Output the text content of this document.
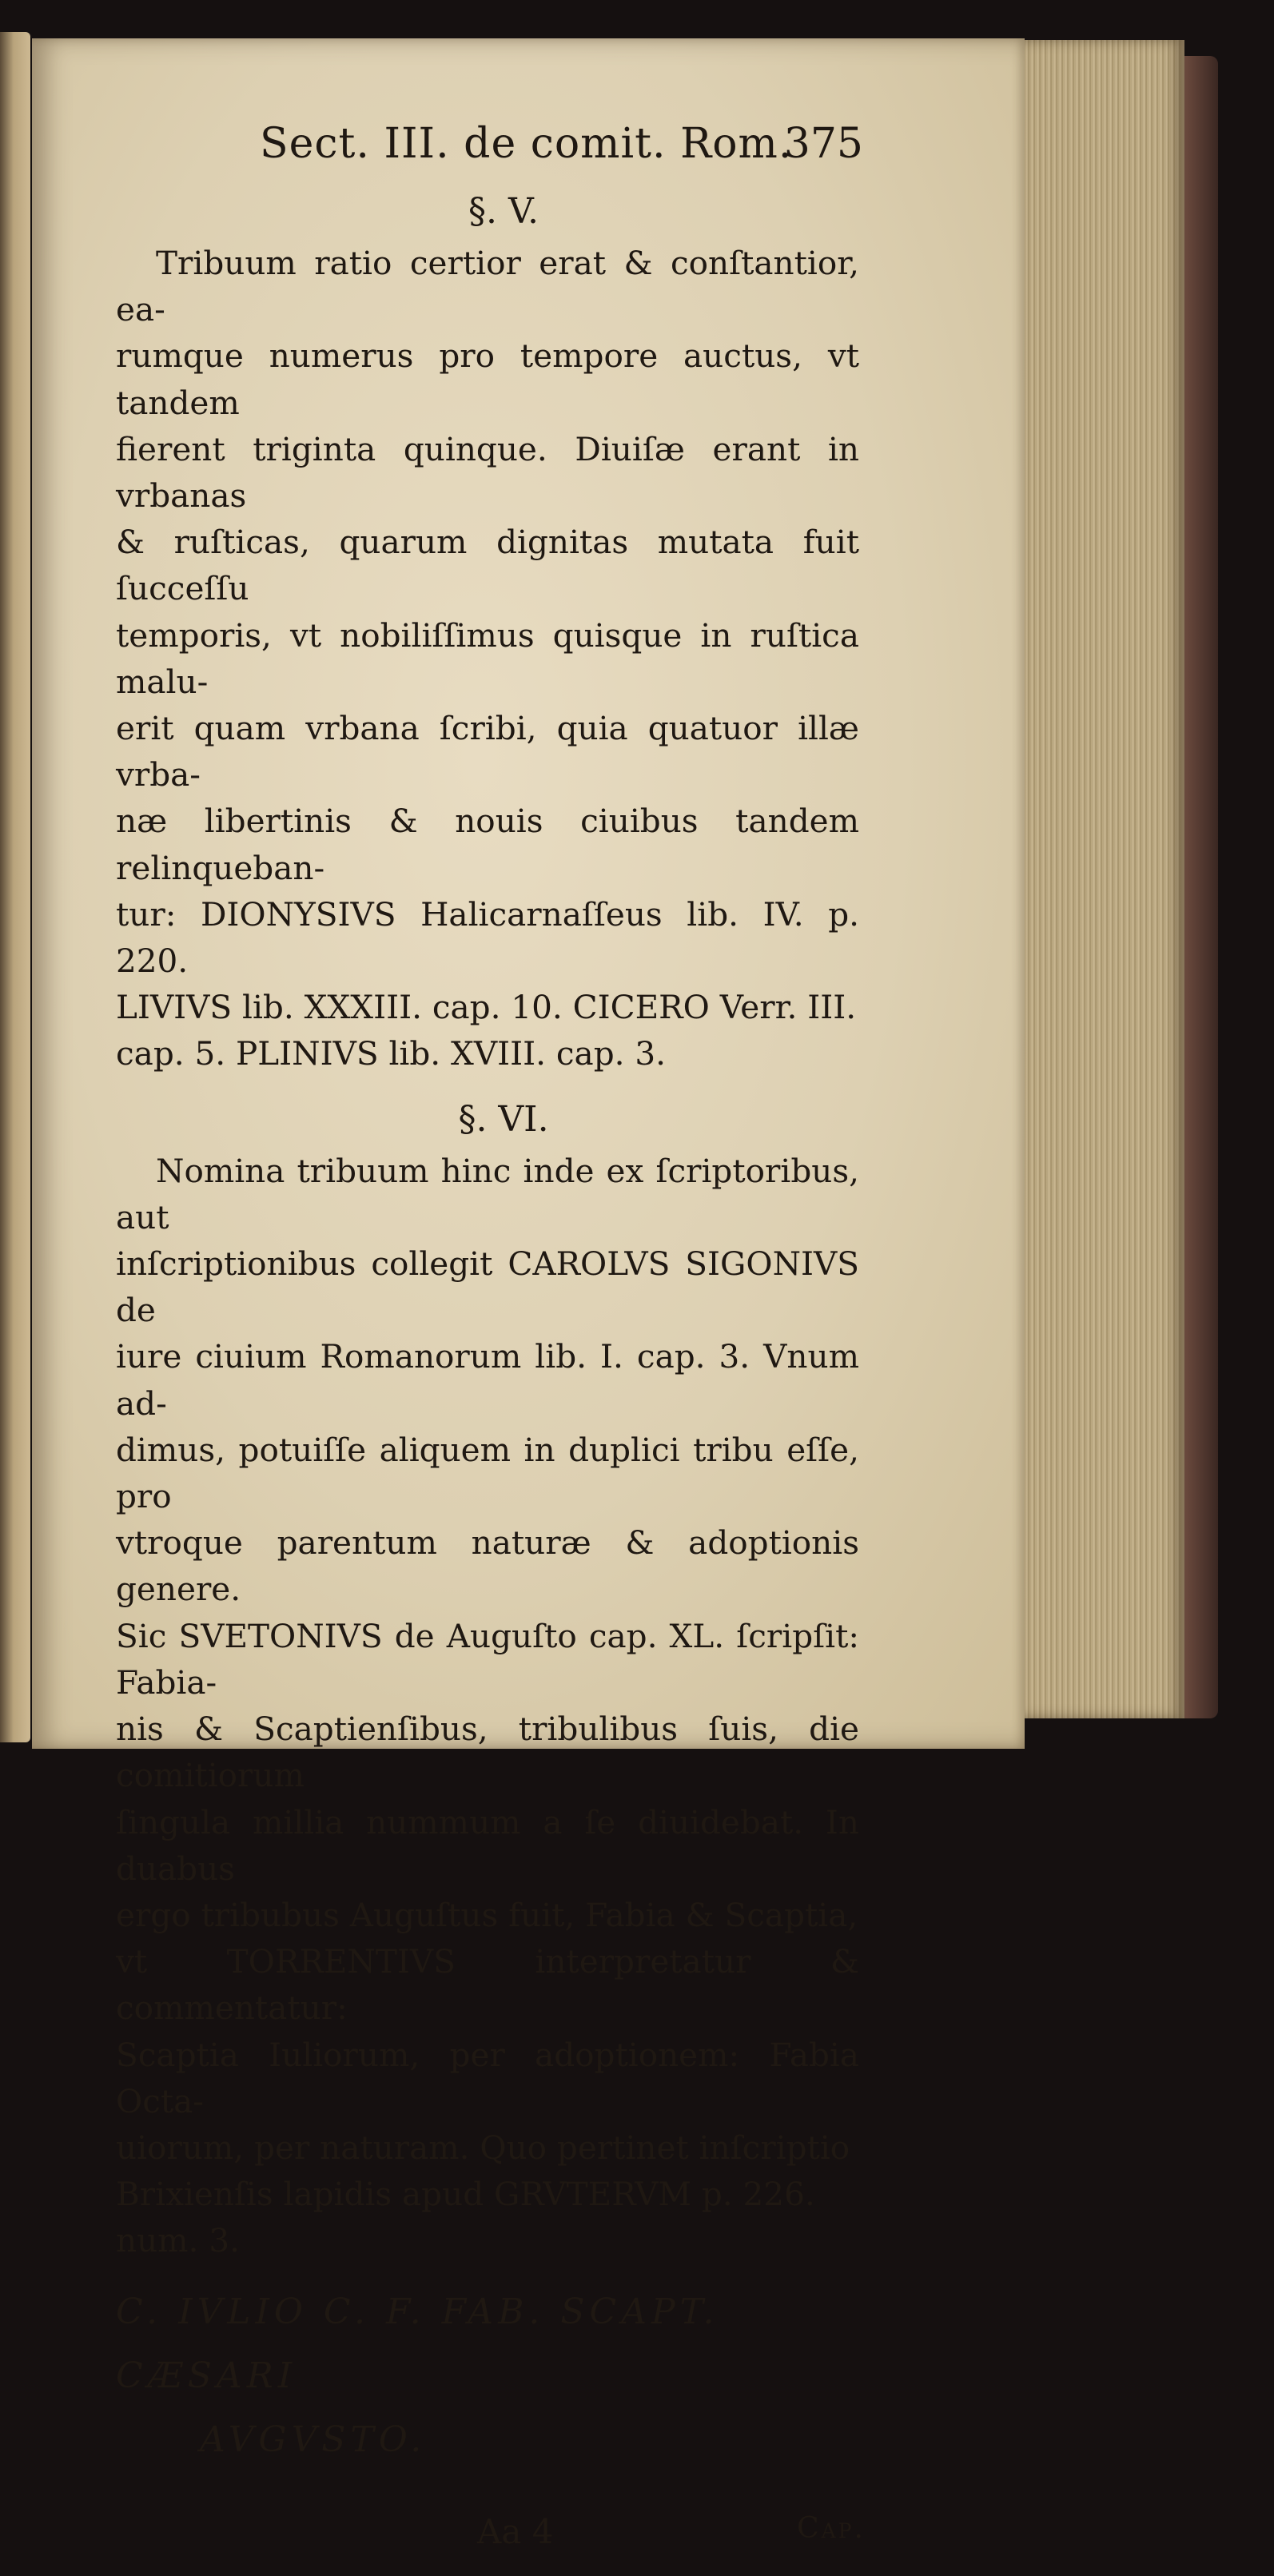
Sect. III. de comit. Rom.
375

§. V.

Tribuum ratio certior erat & conſtantior, ea-
rumque numerus pro tempore auctus, vt tandem
fierent triginta quinque. Diuiſæ erant in vrbanas
& ruſticas, quarum dignitas mutata fuit ſucceſſu
temporis, vt nobiliſſimus quisque in ruſtica malu-
erit quam vrbana ſcribi, quia quatuor illæ vrba-
næ libertinis & nouis ciuibus tandem relinqueban-
tur: DIONYSIVS Halicarnaſſeus lib. IV. p. 220.
LIVIVS lib. XXXIII. cap. 10. CICERO Verr. III.
cap. 5. PLINIVS lib. XVIII. cap. 3.

§. VI.

Nomina tribuum hinc inde ex ſcriptoribus, aut
inſcriptionibus collegit CAROLVS SIGONIVS de
iure ciuium Romanorum lib. I. cap. 3. Vnum ad-
dimus, potuiſſe aliquem in duplici tribu eſſe, pro
vtroque parentum naturæ & adoptionis genere.
Sic SVETONIVS de Auguſto cap. XL. ſcripſit: Fabia-
nis & Scaptienſibus, tribulibus ſuis, die comitiorum
ſingula millia nummum a ſe diuidebat. In duabus
ergo tribubus Auguſtus fuit, Fabia & Scaptia,
vt TORRENTIVS interpretatur & commentatur:
Scaptia Iuliorum, per adoptionem: Fabia Octa-
uiorum, per naturam. Quo pertinet inſcriptio
Brixienſis lapidis apud GRVTERVM p. 226.
num. 3.
C. IVLIO C. F. FAB. SCAPT. CÆSARI
AVGVSTO.
Aa 4	Cap.
